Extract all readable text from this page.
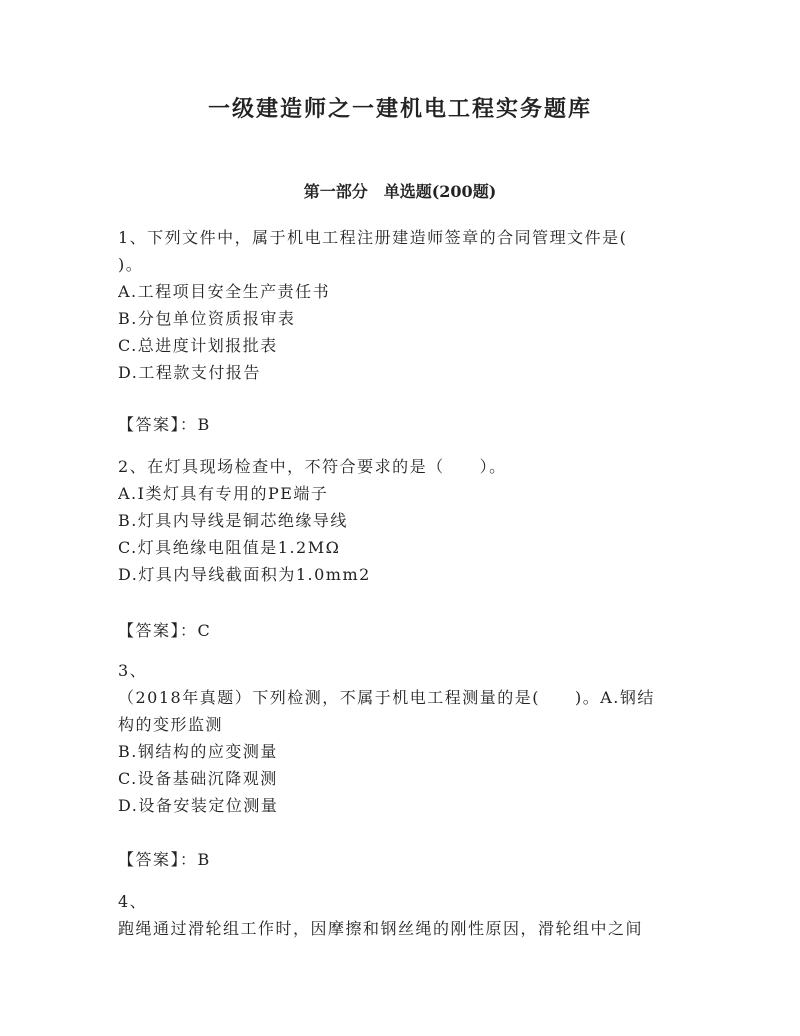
一级建造师之一建机电工程实务题库
第一部分　单选题(200题)
1、下列文件中，属于机电工程注册建造师签章的合同管理文件是(
)。
A.工程项目安全生产责任书
B.分包单位资质报审表
C.总进度计划报批表
D.工程款支付报告
【答案】：B
2、在灯具现场检查中，不符合要求的是（　　）。
A.Ⅰ类灯具有专用的PE端子
B.灯具内导线是铜芯绝缘导线
C.灯具绝缘电阻值是1.2MΩ
D.灯具内导线截面积为1.0mm2
【答案】：C
3、
（2018年真题）下列检测，不属于机电工程测量的是(　　)。A.钢结
构的变形监测
B.钢结构的应变测量
C.设备基础沉降观测
D.设备安装定位测量
【答案】：B
4、
跑绳通过滑轮组工作时，因摩擦和钢丝绳的刚性原因，滑轮组中之间
